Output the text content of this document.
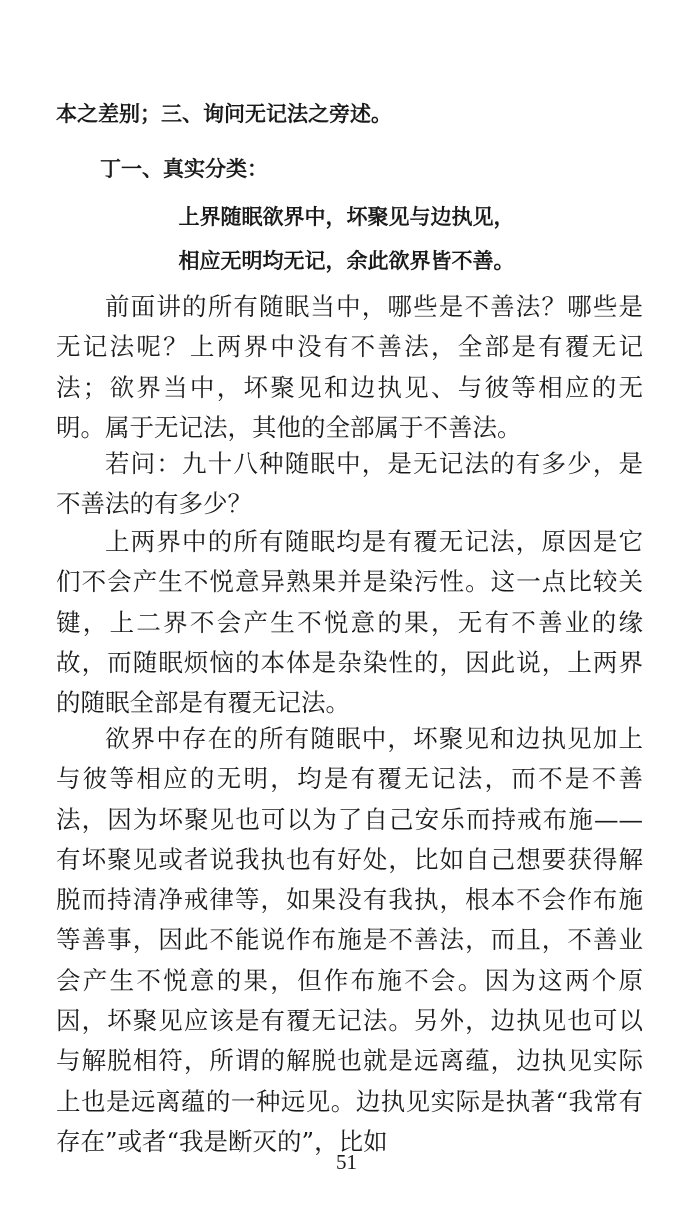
本之差别；三、询问无记法之旁述。
丁一、真实分类：
上界随眠欲界中，坏聚见与边执见，
相应无明均无记，余此欲界皆不善。

前面讲的所有随眠当中，哪些是不善法？哪些是无记法呢？上两界中没有不善法，全部是有覆无记法；欲界当中，坏聚见和边执见、与彼等相应的无明。属于无记法，其他的全部属于不善法。

若问：九十八种随眠中，是无记法的有多少，是不善法的有多少？

上两界中的所有随眠均是有覆无记法，原因是它们不会产生不悦意异熟果并是染污性。这一点比较关键，上二界不会产生不悦意的果，无有不善业的缘故，而随眠烦恼的本体是杂染性的，因此说，上两界的随眠全部是有覆无记法。

欲界中存在的所有随眠中，坏聚见和边执见加上与彼等相应的无明，均是有覆无记法，而不是不善法，因为坏聚见也可以为了自己安乐而持戒布施——有坏聚见或者说我执也有好处，比如自己想要获得解脱而持清净戒律等，如果没有我执，根本不会作布施等善事，因此不能说作布施是不善法，而且，不善业会产生不悦意的果，但作布施不会。因为这两个原因，坏聚见应该是有覆无记法。另外，边执见也可以与解脱相符，所谓的解脱也就是远离蕴，边执见实际上也是远离蕴的一种远见。边执见实际是执著“我常有存在”或者“我是断灭的”，比如

51
